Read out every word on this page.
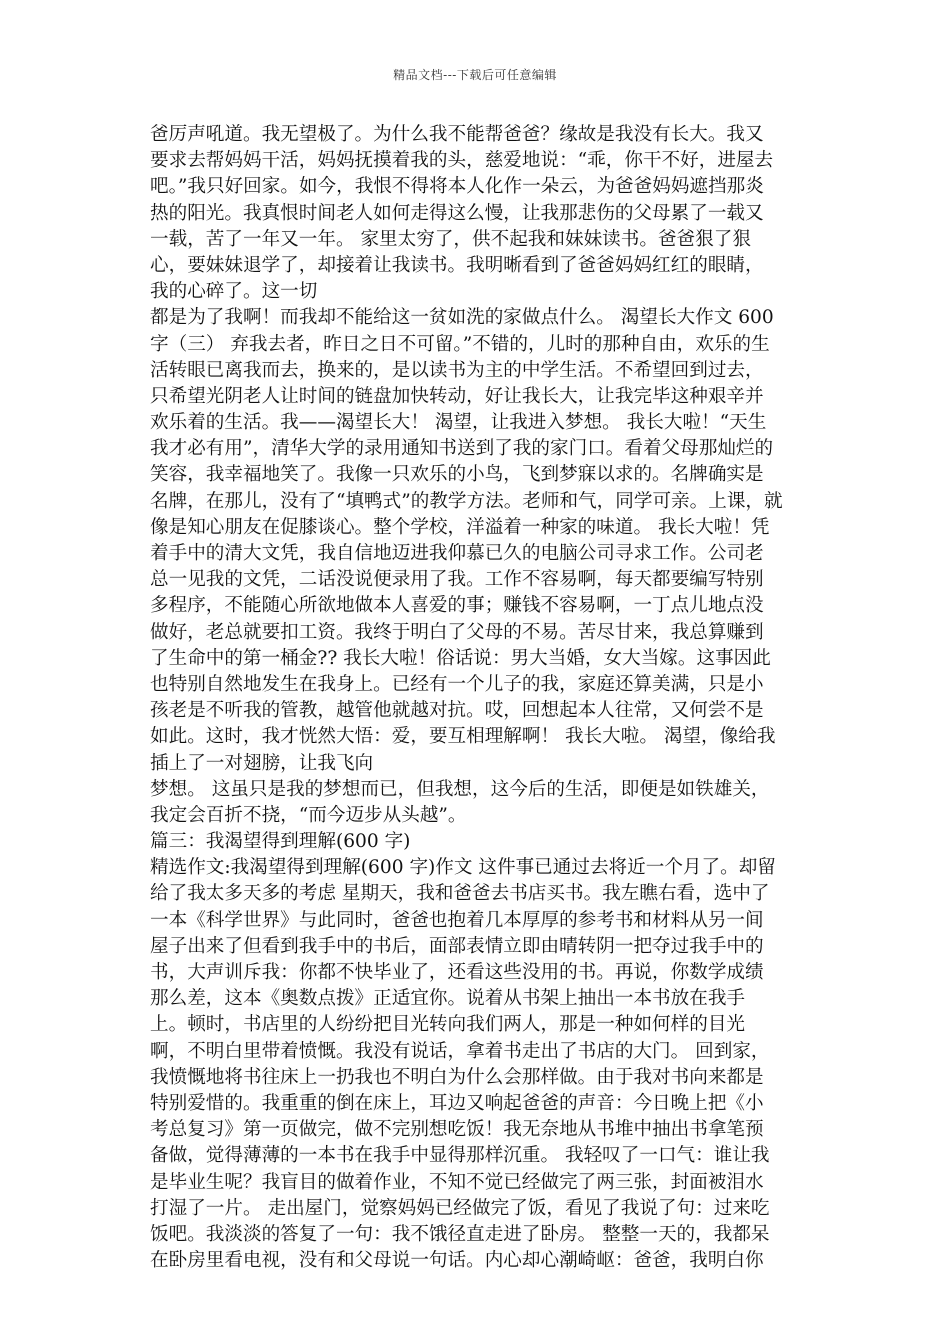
精品文档---下载后可任意编辑
爸厉声吼道。我无望极了。为什么我不能帮爸爸？缘故是我没有长大。我又
要求去帮妈妈干活，妈妈抚摸着我的头，慈爱地说：“乖，你干不好，进屋去
吧。”我只好回家。如今，我恨不得将本人化作一朵云，为爸爸妈妈遮挡那炎
热的阳光。我真恨时间老人如何走得这么慢，让我那悲伤的父母累了一载又
一载，苦了一年又一年。 家里太穷了，供不起我和妹妹读书。爸爸狠了狠
心，要妹妹退学了，却接着让我读书。我明晰看到了爸爸妈妈红红的眼睛，
我的心碎了。这一切
都是为了我啊！而我却不能给这一贫如洗的家做点什么。 渴望长大作文 600
字（三） 弃我去者，昨日之日不可留。”不错的，儿时的那种自由，欢乐的生
活转眼已离我而去，换来的，是以读书为主的中学生活。不希望回到过去，
只希望光阴老人让时间的链盘加快转动，好让我长大，让我完毕这种艰辛并
欢乐着的生活。我——渴望长大！ 渴望，让我进入梦想。 我长大啦！“天生
我才必有用”，清华大学的录用通知书送到了我的家门口。看着父母那灿烂的
笑容，我幸福地笑了。我像一只欢乐的小鸟，飞到梦寐以求的。名牌确实是
名牌，在那儿，没有了“填鸭式”的教学方法。老师和气，同学可亲。上课，就
像是知心朋友在促膝谈心。整个学校，洋溢着一种家的味道。 我长大啦！凭
着手中的清大文凭，我自信地迈进我仰慕已久的电脑公司寻求工作。公司老
总一见我的文凭，二话没说便录用了我。工作不容易啊，每天都要编写特别
多程序，不能随心所欲地做本人喜爱的事；赚钱不容易啊，一丁点儿地点没
做好，老总就要扣工资。我终于明白了父母的不易。苦尽甘来，我总算赚到
了生命中的第一桶金?? 我长大啦！俗话说：男大当婚，女大当嫁。这事因此
也特别自然地发生在我身上。已经有一个儿子的我，家庭还算美满，只是小
孩老是不听我的管教，越管他就越对抗。哎，回想起本人往常，又何尝不是
如此。这时，我才恍然大悟：爱，要互相理解啊！ 我长大啦。 渴望，像给我
插上了一对翅膀，让我飞向
梦想。 这虽只是我的梦想而已，但我想，这今后的生活，即便是如铁雄关，
我定会百折不挠，“而今迈步从头越”。
篇三：我渴望得到理解(600 字)
精选作文:我渴望得到理解(600 字)作文 这件事已通过去将近一个月了。却留
给了我太多天多的考虑 星期天，我和爸爸去书店买书。我左瞧右看，选中了
一本《科学世界》与此同时，爸爸也抱着几本厚厚的参考书和材料从另一间
屋子出来了但看到我手中的书后，面部表情立即由晴转阴一把夺过我手中的
书，大声训斥我：你都不快毕业了，还看这些没用的书。再说，你数学成绩
那么差，这本《奥数点拨》正适宜你。说着从书架上抽出一本书放在我手
上。顿时，书店里的人纷纷把目光转向我们两人，那是一种如何样的目光
啊，不明白里带着愤慨。我没有说话，拿着书走出了书店的大门。 回到家，
我愤慨地将书往床上一扔我也不明白为什么会那样做。由于我对书向来都是
特别爱惜的。我重重的倒在床上，耳边又响起爸爸的声音：今日晚上把《小
考总复习》第一页做完，做不完别想吃饭！我无奈地从书堆中抽出书拿笔预
备做，觉得薄薄的一本书在我手中显得那样沉重。 我轻叹了一口气：谁让我
是毕业生呢？我盲目的做着作业，不知不觉已经做完了两三张，封面被泪水
打湿了一片。 走出屋门，觉察妈妈已经做完了饭，看见了我说了句：过来吃
饭吧。我淡淡的答复了一句：我不饿径直走进了卧房。 整整一天的，我都呆
在卧房里看电视，没有和父母说一句话。内心却心潮崎岖：爸爸，我明白你
